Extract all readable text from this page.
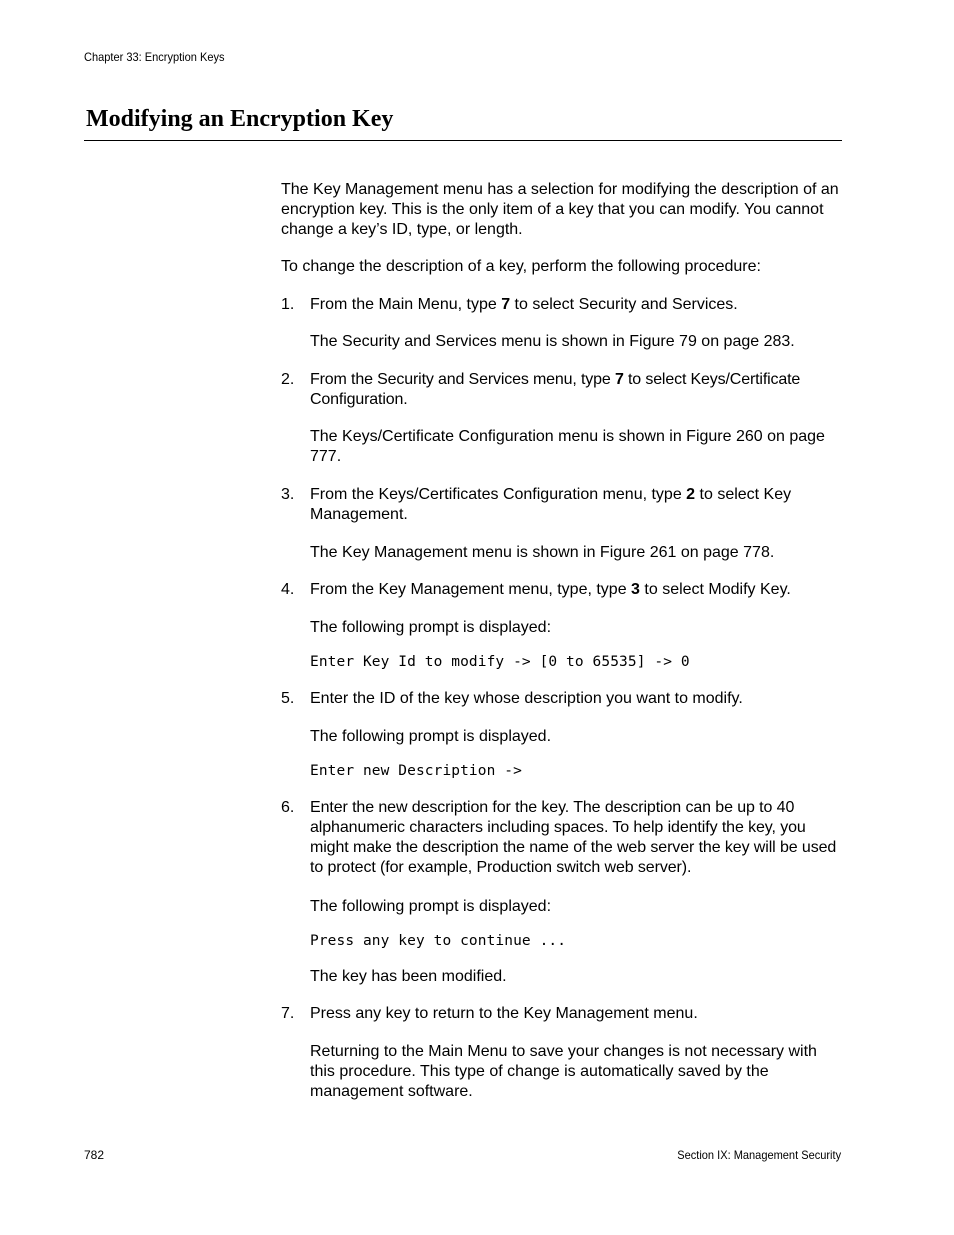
Chapter 33: Encryption Keys
Modifying an Encryption Key

The Key Management menu has a selection for modifying the description of an encryption key. This is the only item of a key that you can modify. You cannot change a key’s ID, type, or length.

To change the description of a key, perform the following procedure:

1. From the Main Menu, type 7 to select Security and Services.

The Security and Services menu is shown in Figure 79 on page 283.

2. From the Security and Services menu, type 7 to select Keys/Certificate Configuration.

The Keys/Certificate Configuration menu is shown in Figure 260 on page 777.

3. From the Keys/Certificates Configuration menu, type 2 to select Key Management.

The Key Management menu is shown in Figure 261 on page 778.

4. From the Key Management menu, type, type 3 to select Modify Key.

The following prompt is displayed:

Enter Key Id to modify -> [0 to 65535] -> 0
5. Enter the ID of the key whose description you want to modify.

The following prompt is displayed.

Enter new Description ->
6. Enter the new description for the key. The description can be up to 40 alphanumeric characters including spaces. To help identify the key, you might make the description the name of the web server the key will be used to protect (for example, Production switch web server).

The following prompt is displayed:

Press any key to continue ...

The key has been modified.

7. Press any key to return to the Key Management menu.

Returning to the Main Menu to save your changes is not necessary with this procedure. This type of change is automatically saved by the management software.

782	Section IX: Management Security
